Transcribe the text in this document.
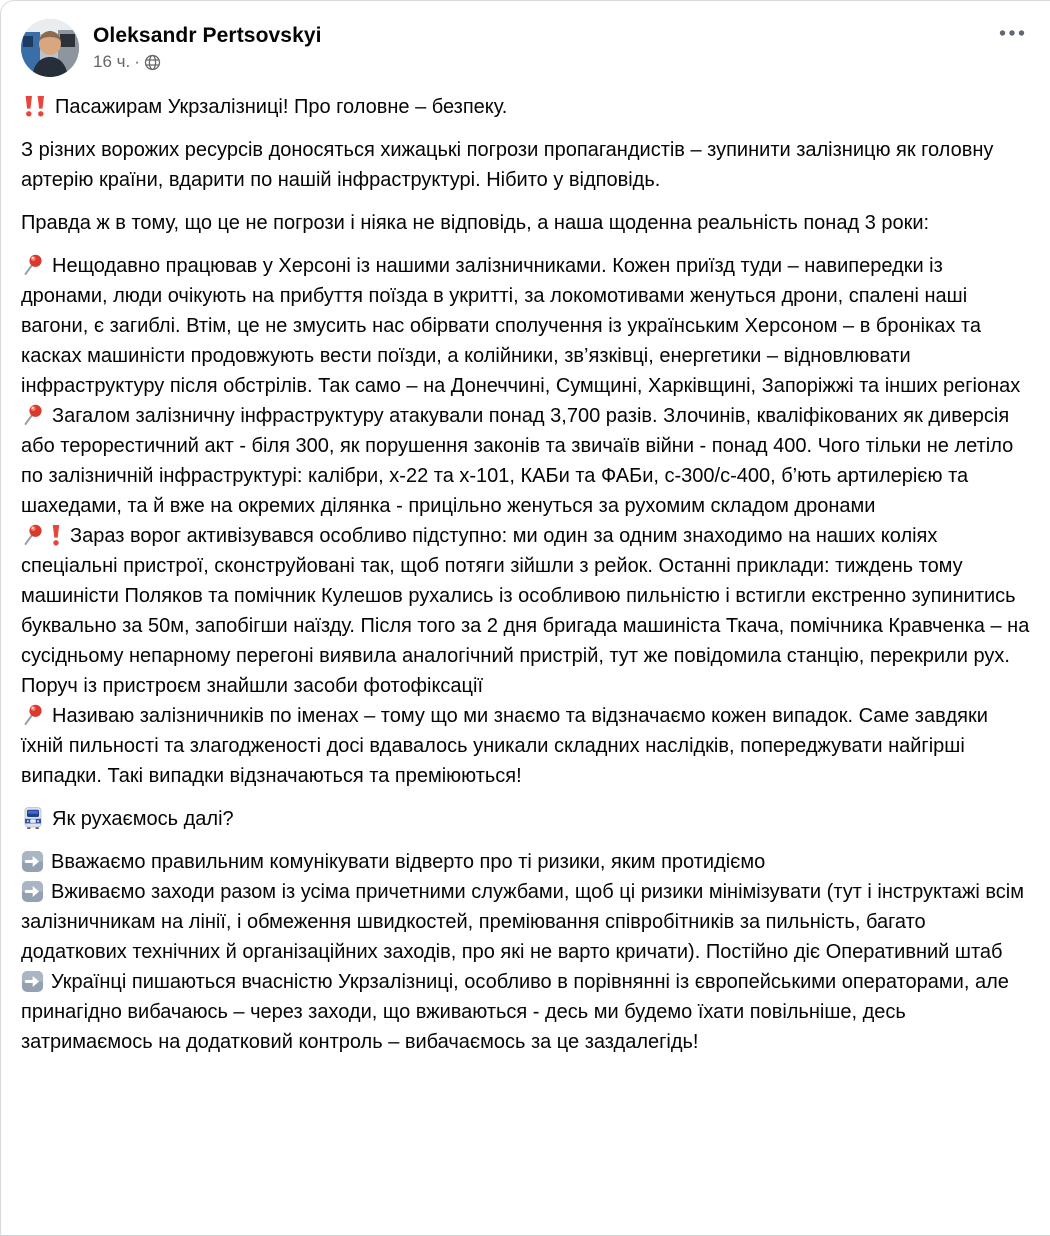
Oleksandr Pertsovskyi
16 ч. ·
Пасажирам Укрзалізниці! Про головне – безпеку.
З різних ворожих ресурсів доносяться хижацькі погрози пропагандистів – зупинити залізницю як головну артерію країни, вдарити по нашій інфраструктурі. Нібито у відповідь.
Правда ж в тому, що це не погрози і ніяка не відповідь, а наша щоденна реальність понад 3 роки:
Нещодавно працював у Херсоні із нашими залізничниками. Кожен приїзд туди – навипередки із дронами, люди очікують на прибуття поїзда в укритті, за локомотивами женуться дрони, спалені наші вагони, є загиблі. Втім, це не змусить нас обірвати сполучення із українським Херсоном – в броніках та касках машиністи продовжують вести поїзди, а колійники, зв’язківці, енергетики – відновлювати інфраструктуру після обстрілів. Так само – на Донеччині, Сумщині, Харківщині, Запоріжжі та інших регіонах
Загалом залізничну інфраструктуру атакували понад 3,700 разів. Злочинів, кваліфікованих як диверсія або терорестичний акт - біля 300, як порушення законів та звичаїв війни - понад 400. Чого тільки не летіло по залізничній інфраструктурі: калібри, х-22 та х-101, КАБи та ФАБи, с-300/с-400, б’ють артилерією та шахедами, та й вже на окремих ділянка - прицільно женуться за рухомим складом дронами
Зараз ворог активізувався особливо підступно: ми один за одним знаходимо на наших коліях спеціальні пристрої, сконструйовані так, щоб потяги зійшли з рейок. Останні приклади: тиждень тому машиністи Поляков та помічник Кулешов рухались із особливою пильністю і встигли екстренно зупинитись буквально за 50м, запобігши наїзду. Після того за 2 дня бригада машиніста Ткача, помічника Кравченка – на сусідньому непарному перегоні виявила аналогічний пристрій, тут же повідомила станцію, перекрили рух. Поруч із пристроєм знайшли засоби фотофіксації
Називаю залізничників по іменах – тому що ми знаємо та відзначаємо кожен випадок. Саме завдяки їхній пильності та злагодженості досі вдавалось уникали складних наслідків, попереджувати найгірші випадки. Такі випадки відзначаються та преміюються!
Як рухаємось далі?
Вважаємо правильним комунікувати відверто про ті ризики, яким протидіємо
Вживаємо заходи разом із усіма причетними службами, щоб ці ризики мінімізувати (тут і інструктажі всім залізничникам на лінії, і обмеження швидкостей, преміювання співробітників за пильність, багато додаткових технічних й організаційних заходів, про які не варто кричати). Постійно діє Оперативний штаб
Українці пишаються вчасністю Укрзалізниці, особливо в порівнянні із європейськими операторами, але принагідно вибачаюсь – через заходи, що вживаються - десь ми будемо їхати повільніше, десь затримаємось на додатковий контроль – вибачаємось за це заздалегідь!
